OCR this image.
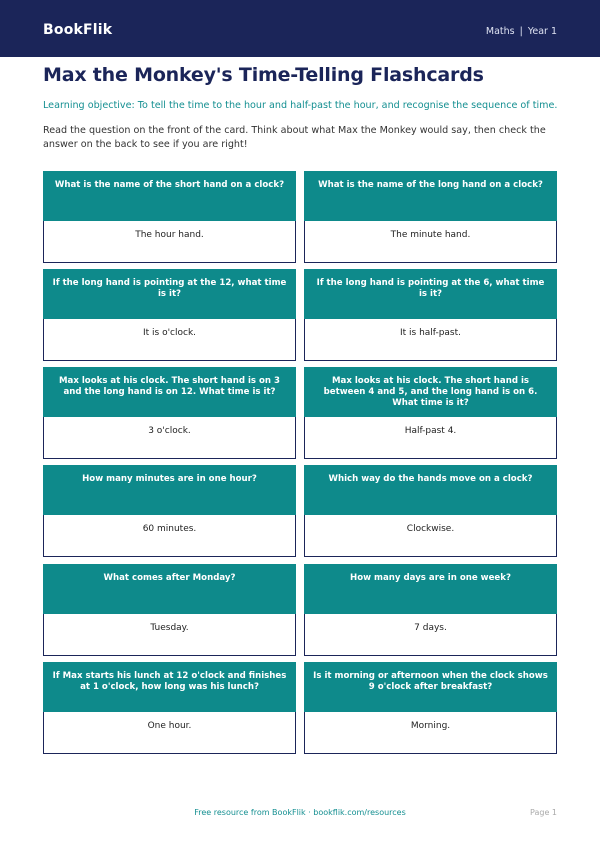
BookFlik	Maths | Year 1
Max the Monkey's Time-Telling Flashcards

Learning objective: To tell the time to the hour and half-past the hour, and recognise the sequence of time.

Read the question on the front of the card. Think about what Max the Monkey would say, then check the answer on the back to see if you are right!

What is the name of the short hand on a clock?
The hour hand.
What is the name of the long hand on a clock?
The minute hand.
If the long hand is pointing at the 12, what time is it?
It is o'clock.
If the long hand is pointing at the 6, what time is it?
It is half-past.
Max looks at his clock. The short hand is on 3 and the long hand is on 12. What time is it?
3 o'clock.
Max looks at his clock. The short hand is between 4 and 5, and the long hand is on 6. What time is it?
Half-past 4.
How many minutes are in one hour?
60 minutes.
Which way do the hands move on a clock?
Clockwise.
What comes after Monday?
Tuesday.
How many days are in one week?
7 days.
If Max starts his lunch at 12 o'clock and finishes at 1 o'clock, how long was his lunch?
One hour.
Is it morning or afternoon when the clock shows 9 o'clock after breakfast?
Morning.
Free resource from BookFlik · bookflik.com/resources	Page 1
